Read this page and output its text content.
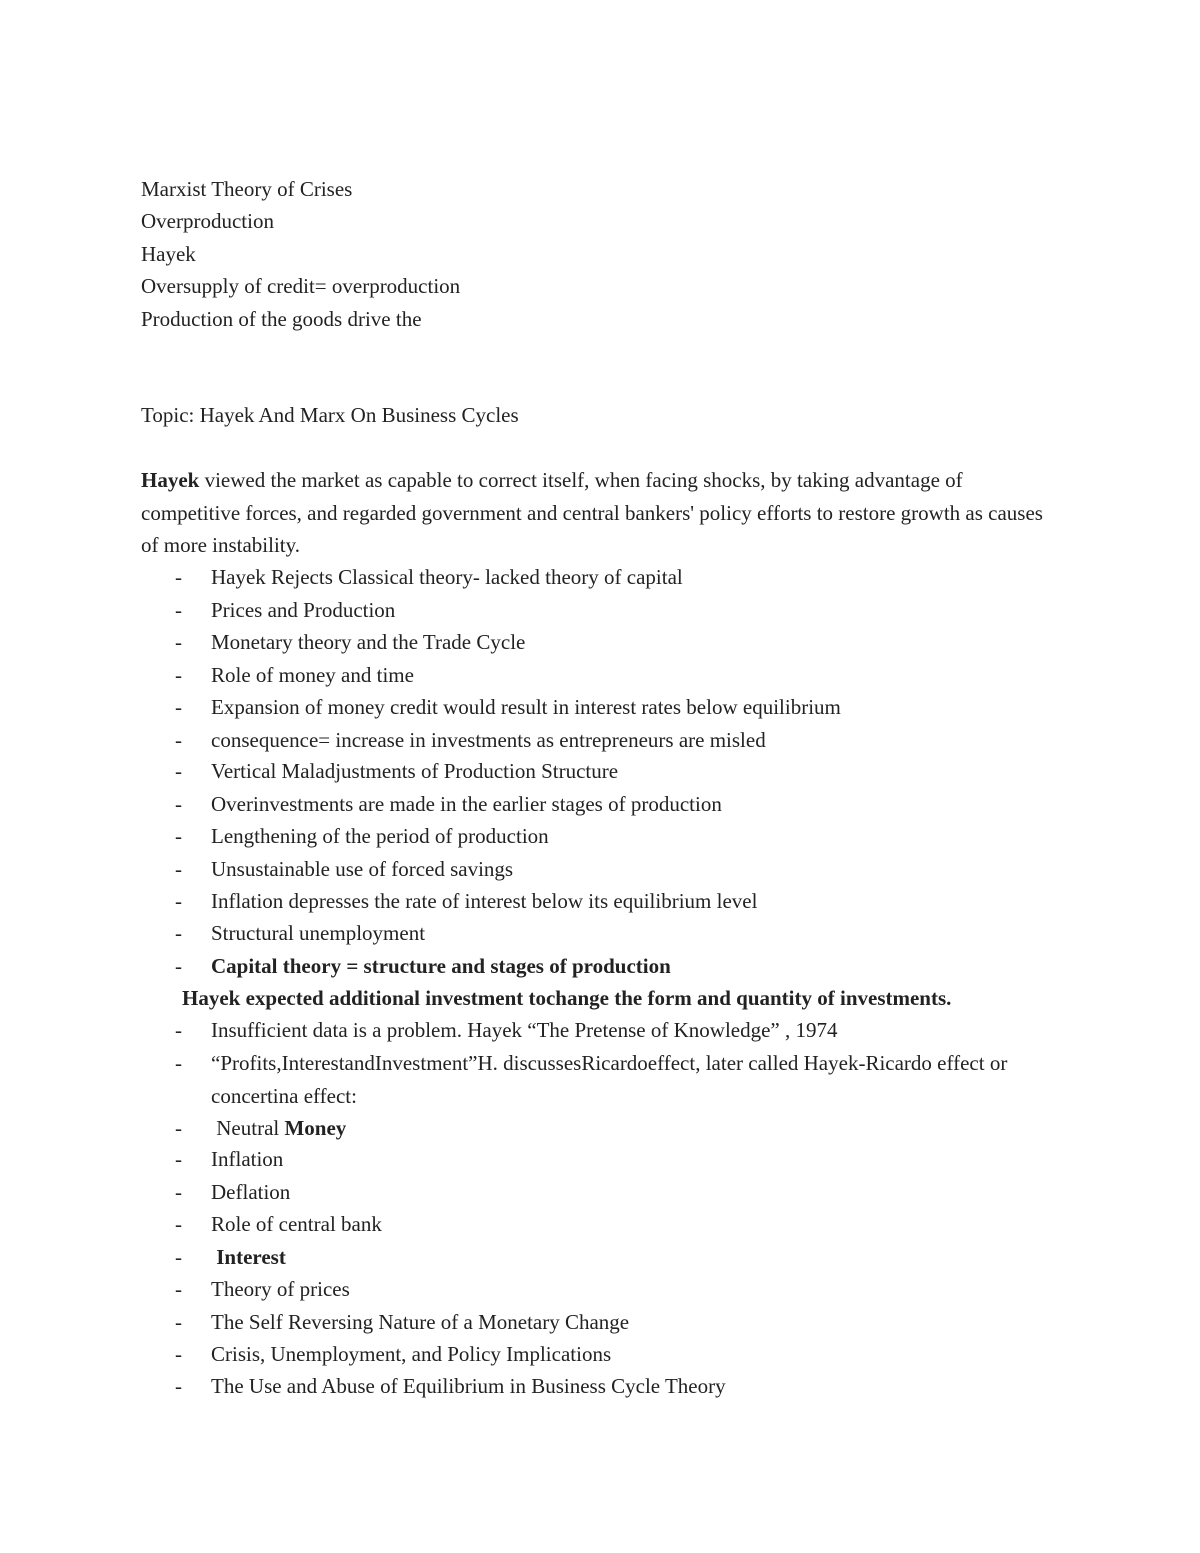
Marxist Theory of Crises
Overproduction
Hayek
Oversupply of credit= overproduction
Production of the goods drive the
Topic: Hayek And Marx On Business Cycles
Hayek viewed the market as capable to correct itself, when facing shocks, by taking advantage of competitive forces, and regarded government and central bankers' policy efforts to restore growth as causes of more instability.
- Hayek Rejects Classical theory- lacked theory of capital
- Prices and Production
- Monetary theory and the Trade Cycle
- Role of money and time
- Expansion of money credit would result in interest rates below equilibrium
- consequence= increase in investments as entrepreneurs are misled
- Vertical Maladjustments of Production Structure
- Overinvestments are made in the earlier stages of production
- Lengthening of the period of production
- Unsustainable use of forced savings
- Inflation depresses the rate of interest below its equilibrium level
- Structural unemployment
- Capital theory = structure and stages of production
Hayek expected additional investment tochange the form and quantity of investments.
- Insufficient data is a problem. Hayek “The Pretense of Knowledge” , 1974
- “Profits,InterestandInvestment”H. discussesRicardoeffect, later called Hayek-Ricardo effect or concertina effect:
- Neutral Money
- Inflation
- Deflation
- Role of central bank
- Interest
- Theory of prices
- The Self Reversing Nature of a Monetary Change
- Crisis, Unemployment, and Policy Implications
- The Use and Abuse of Equilibrium in Business Cycle Theory
